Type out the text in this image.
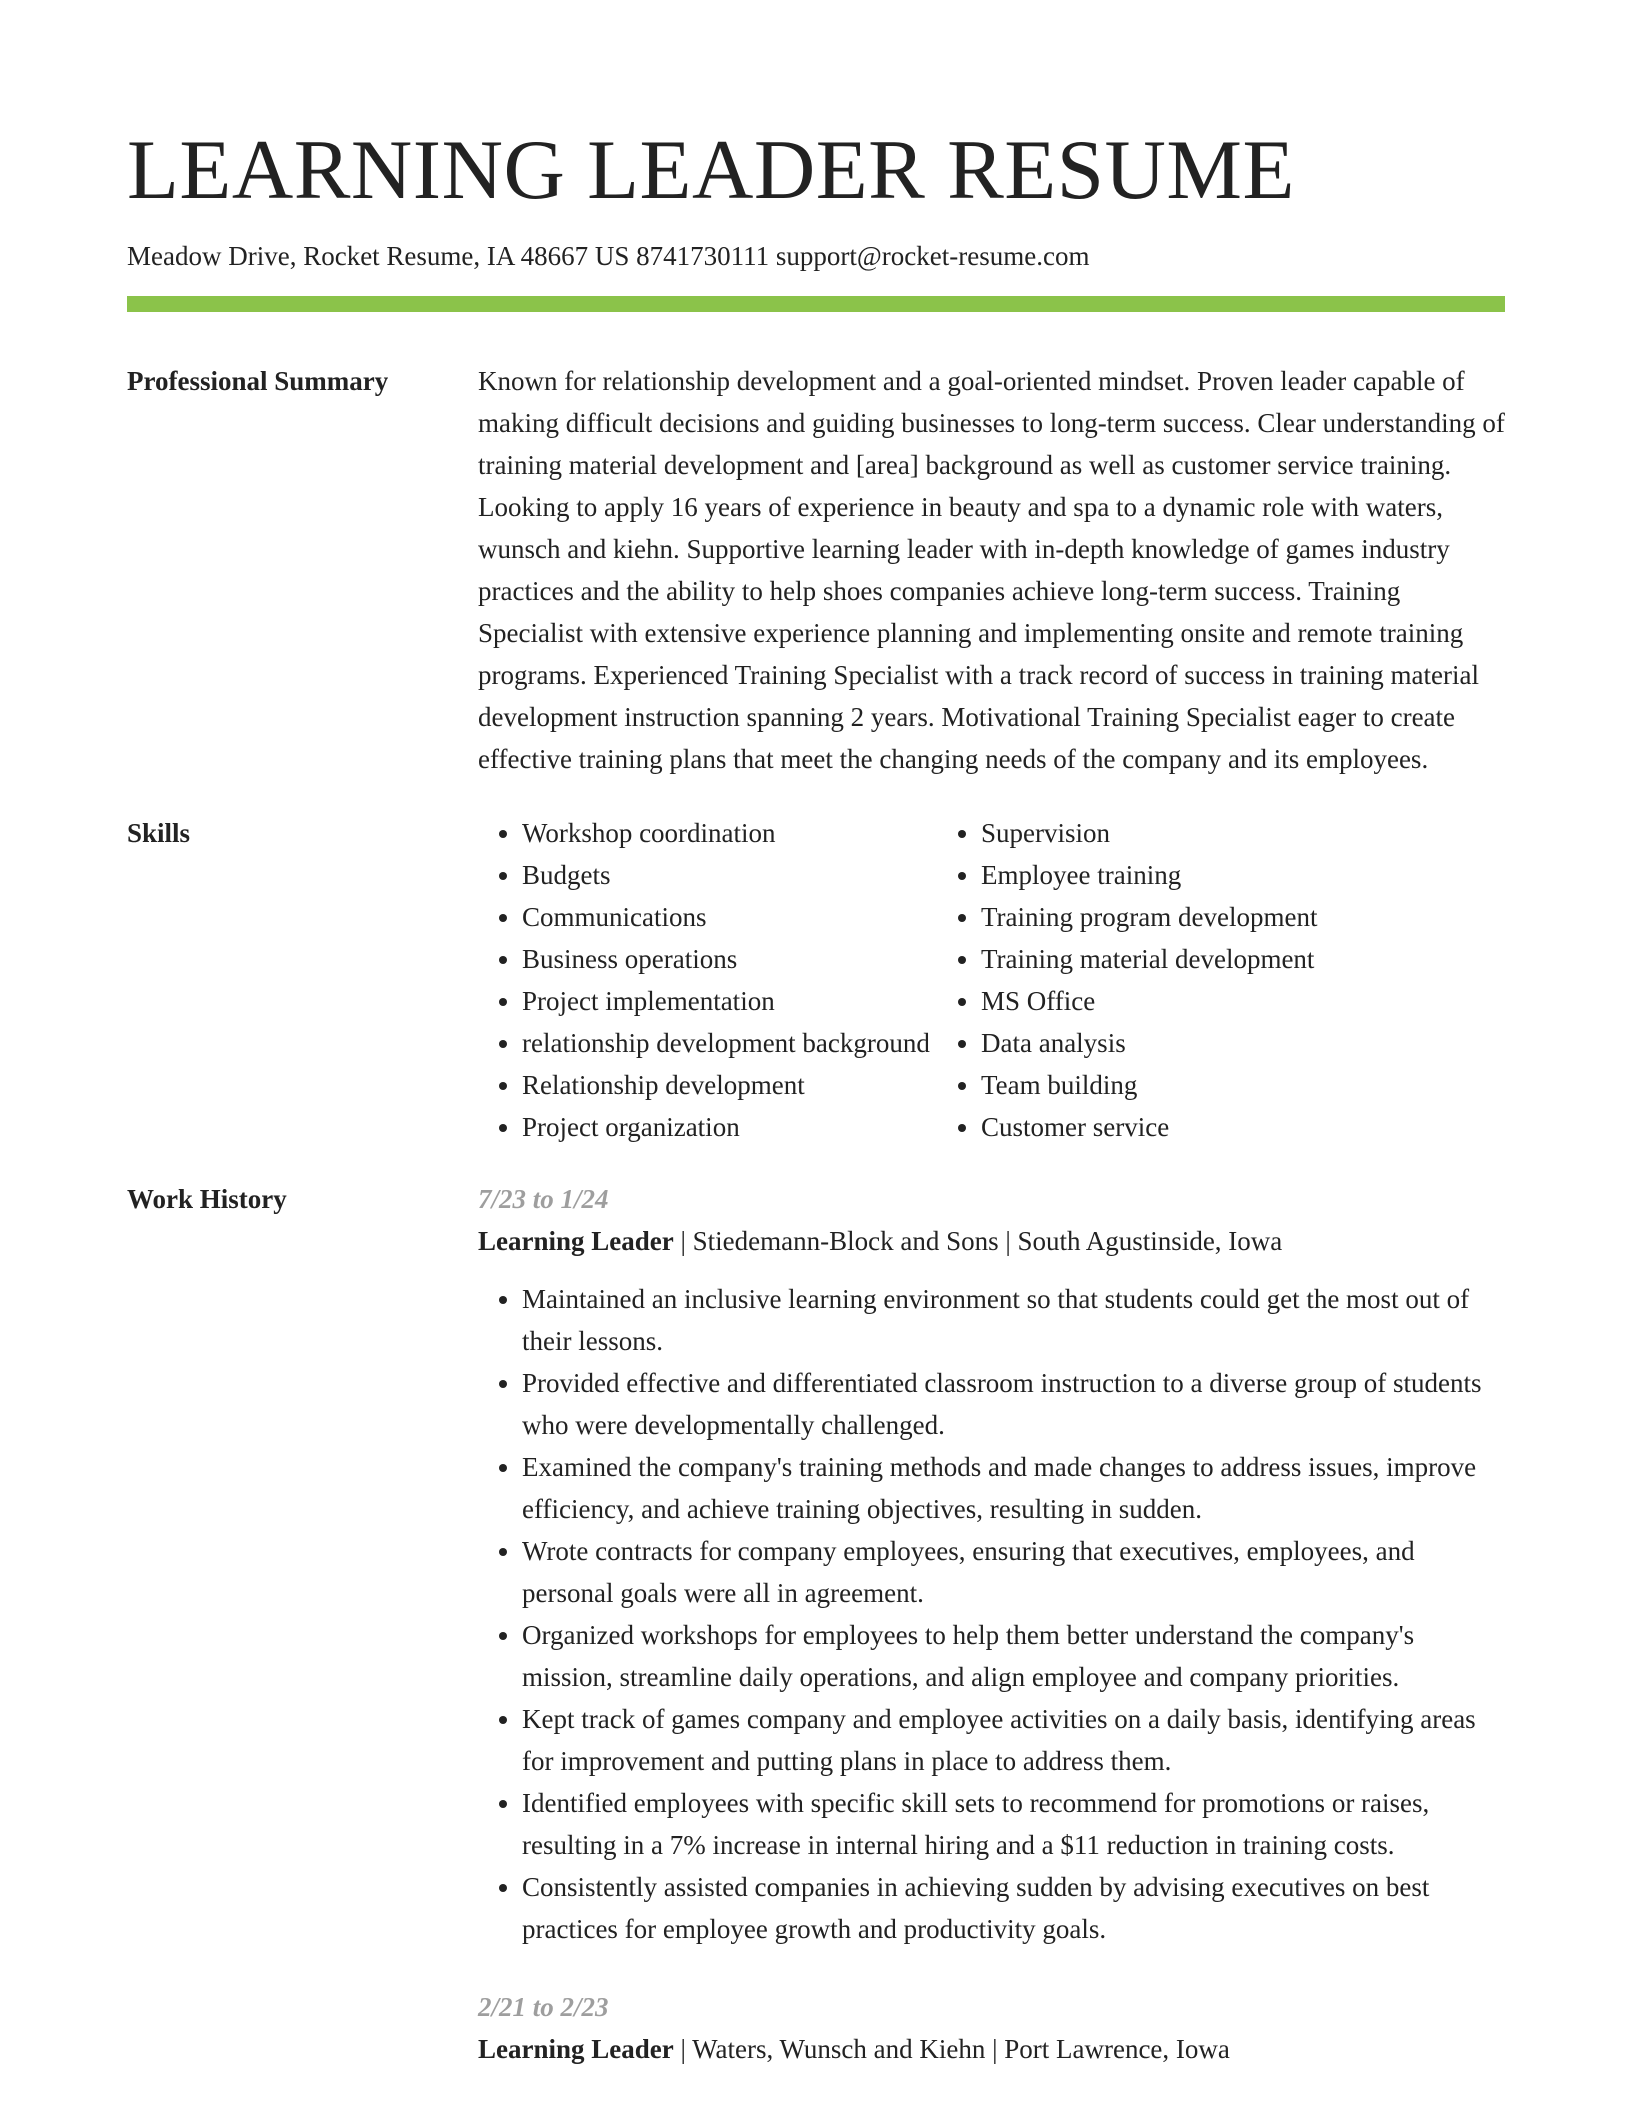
LEARNING LEADER RESUME
Meadow Drive, Rocket Resume, IA 48667 US 8741730111 support@rocket-resume.com
Professional Summary	Known for relationship development and a goal-oriented mindset. Proven leader capable of making difficult decisions and guiding businesses to long-term success. Clear understanding of training material development and [area] background as well as customer service training. Looking to apply 16 years of experience in beauty and spa to a dynamic role with waters, wunsch and kiehn. Supportive learning leader with in-depth knowledge of games industry practices and the ability to help shoes companies achieve long-term success. Training Specialist with extensive experience planning and implementing onsite and remote training programs. Experienced Training Specialist with a track record of success in training material development instruction spanning 2 years. Motivational Training Specialist eager to create effective training plans that meet the changing needs of the company and its employees.
Skills
•	Workshop coordination
• Budgets
• Communications
• Business operations
• Project implementation
• relationship development background
• Relationship development
• Project organization
• Supervision
• Employee training
• Training program development
• Training material development
• MS Office
• Data analysis
• Team building
• Customer service
Work History	7/23 to 1/24
Learning Leader | Stiedemann-Block and Sons | South Agustinside, Iowa
• Maintained an inclusive learning environment so that students could get the most out of their lessons.
• Provided effective and differentiated classroom instruction to a diverse group of students who were developmentally challenged.
• Examined the company's training methods and made changes to address issues, improve efficiency, and achieve training objectives, resulting in sudden.
• Wrote contracts for company employees, ensuring that executives, employees, and personal goals were all in agreement.
• Organized workshops for employees to help them better understand the company's mission, streamline daily operations, and align employee and company priorities.
• Kept track of games company and employee activities on a daily basis, identifying areas for improvement and putting plans in place to address them.
• Identified employees with specific skill sets to recommend for promotions or raises, resulting in a 7% increase in internal hiring and a $11 reduction in training costs.
• Consistently assisted companies in achieving sudden by advising executives on best practices for employee growth and productivity goals.
2/21 to 2/23
Learning Leader | Waters, Wunsch and Kiehn | Port Lawrence, Iowa
